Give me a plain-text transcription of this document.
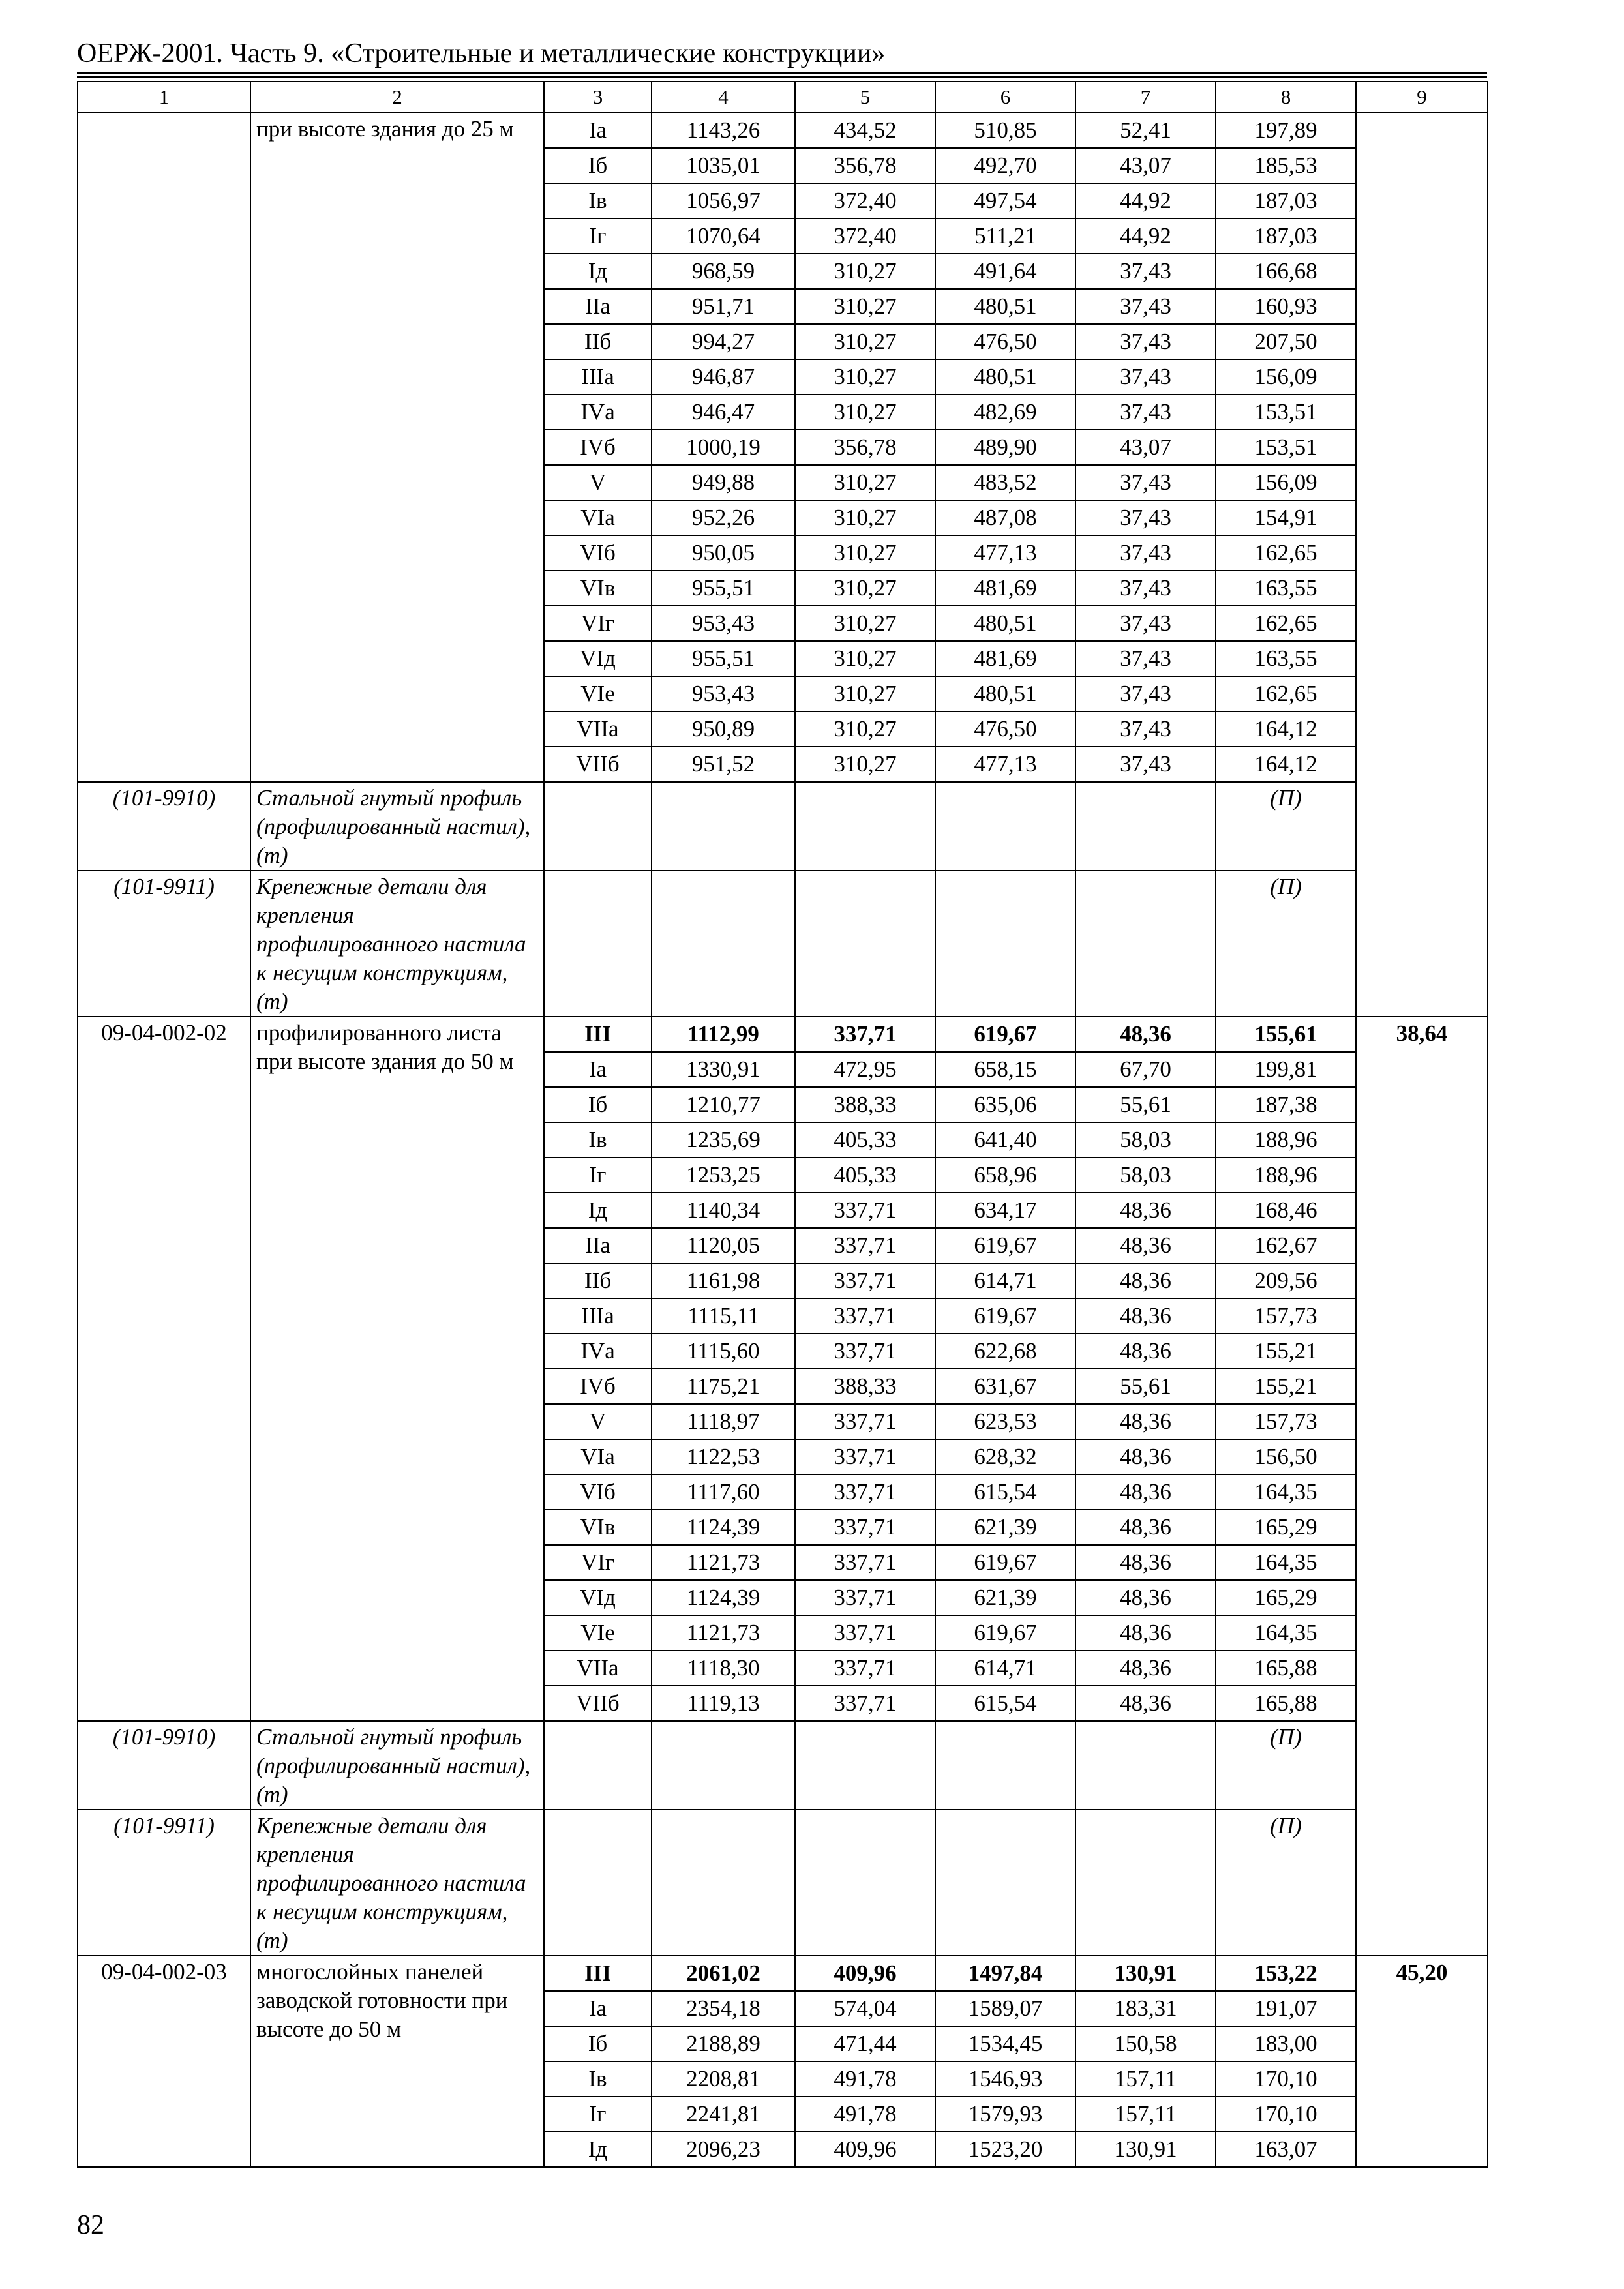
ОЕРЖ-2001. Часть 9. «Строительные и металлические конструкции»
1	2	3	4	5	6	7	8	9
	при высоте здания до 25 м	Iа	1143,26	434,52	510,85	52,41	197,89	
		Iб	1035,01	356,78	492,70	43,07	185,53	
		Iв	1056,97	372,40	497,54	44,92	187,03	
		Iг	1070,64	372,40	511,21	44,92	187,03	
		Iд	968,59	310,27	491,64	37,43	166,68	
		IIа	951,71	310,27	480,51	37,43	160,93	
		IIб	994,27	310,27	476,50	37,43	207,50	
		IIIа	946,87	310,27	480,51	37,43	156,09	
		IVа	946,47	310,27	482,69	37,43	153,51	
		IVб	1000,19	356,78	489,90	43,07	153,51	
		V	949,88	310,27	483,52	37,43	156,09	
		VIа	952,26	310,27	487,08	37,43	154,91	
		VIб	950,05	310,27	477,13	37,43	162,65	
		VIв	955,51	310,27	481,69	37,43	163,55	
		VIг	953,43	310,27	480,51	37,43	162,65	
		VIд	955,51	310,27	481,69	37,43	163,55	
		VIе	953,43	310,27	480,51	37,43	162,65	
		VIIа	950,89	310,27	476,50	37,43	164,12	
		VIIб	951,52	310,27	477,13	37,43	164,12	
(101-9910)	Стальной гнутый профиль (профилированный настил), (т)						(П)	
(101-9911)	Крепежные детали для крепления профилированного настила к несущим конструкциям, (т)						(П)	
09-04-002-02	профилированного листа при высоте здания до 50 м	III	1112,99	337,71	619,67	48,36	155,61	38,64
		Iа	1330,91	472,95	658,15	67,70	199,81	
		Iб	1210,77	388,33	635,06	55,61	187,38	
		Iв	1235,69	405,33	641,40	58,03	188,96	
		Iг	1253,25	405,33	658,96	58,03	188,96	
		Iд	1140,34	337,71	634,17	48,36	168,46	
		IIа	1120,05	337,71	619,67	48,36	162,67	
		IIб	1161,98	337,71	614,71	48,36	209,56	
		IIIа	1115,11	337,71	619,67	48,36	157,73	
		IVа	1115,60	337,71	622,68	48,36	155,21	
		IVб	1175,21	388,33	631,67	55,61	155,21	
		V	1118,97	337,71	623,53	48,36	157,73	
		VIа	1122,53	337,71	628,32	48,36	156,50	
		VIб	1117,60	337,71	615,54	48,36	164,35	
		VIв	1124,39	337,71	621,39	48,36	165,29	
		VIг	1121,73	337,71	619,67	48,36	164,35	
		VIд	1124,39	337,71	621,39	48,36	165,29	
		VIе	1121,73	337,71	619,67	48,36	164,35	
		VIIа	1118,30	337,71	614,71	48,36	165,88	
		VIIб	1119,13	337,71	615,54	48,36	165,88	
(101-9910)	Стальной гнутый профиль (профилированный настил), (т)						(П)	
(101-9911)	Крепежные детали для крепления профилированного настила к несущим конструкциям, (т)						(П)	
09-04-002-03	многослойных панелей заводской готовности при высоте до 50 м	III	2061,02	409,96	1497,84	130,91	153,22	45,20
		Iа	2354,18	574,04	1589,07	183,31	191,07	
		Iб	2188,89	471,44	1534,45	150,58	183,00	
		Iв	2208,81	491,78	1546,93	157,11	170,10	
		Iг	2241,81	491,78	1579,93	157,11	170,10	
		Iд	2096,23	409,96	1523,20	130,91	163,07	
82
